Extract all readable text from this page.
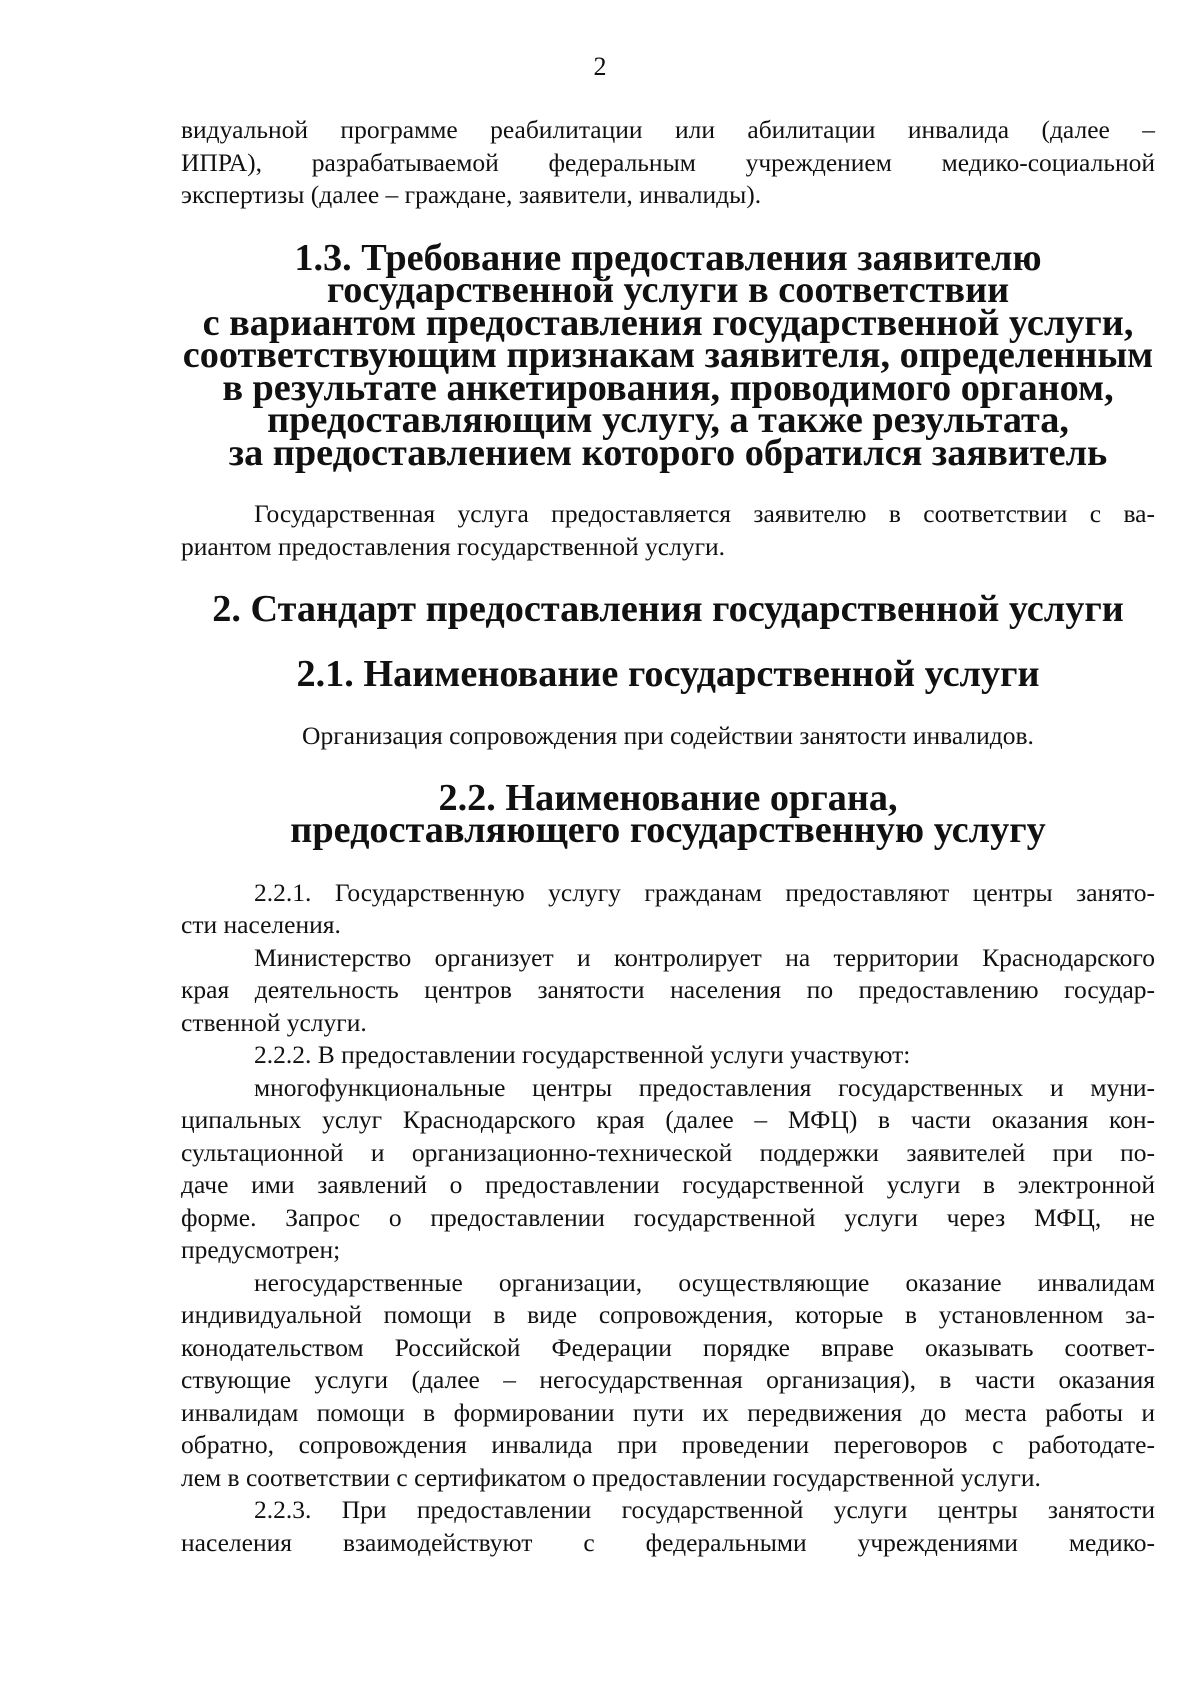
2

видуальной программе реабилитации или абилитации инвалида (далее –
ИПРА), разрабатываемой федеральным учреждением медико-социальной
экспертизы (далее – граждане, заявители, инвалиды).

1.3. Требование предоставления заявителю
государственной услуги в соответствии
с вариантом предоставления государственной услуги,
соответствующим признакам заявителя, определенным
в результате анкетирования, проводимого органом,
предоставляющим услугу, а также результата,
за предоставлением которого обратился заявитель

Государственная услуга предоставляется заявителю в соответствии с ва-
риантом предоставления государственной услуги.

2. Стандарт предоставления государственной услуги
2.1. Наименование государственной услуги

Организация сопровождения при содействии занятости инвалидов.

2.2. Наименование органа,
предоставляющего государственную услугу

2.2.1. Государственную услугу гражданам предоставляют центры занято-
сти населения.

Министерство организует и контролирует на территории Краснодарского
края деятельность центров занятости населения по предоставлению государ-
ственной услуги.

2.2.2. В предоставлении государственной услуги участвуют:

многофункциональные центры предоставления государственных и муни-
ципальных услуг Краснодарского края (далее – МФЦ) в части оказания кон-
сультационной и организационно-технической поддержки заявителей при по-
даче ими заявлений о предоставлении государственной услуги в электронной
форме. Запрос о предоставлении государственной услуги через МФЦ, не
предусмотрен;

негосударственные организации, осуществляющие оказание инвалидам
индивидуальной помощи в виде сопровождения, которые в установленном за-
конодательством Российской Федерации порядке вправе оказывать соответ-
ствующие услуги (далее – негосударственная организация), в части оказания
инвалидам помощи в формировании пути их передвижения до места работы и
обратно, сопровождения инвалида при проведении переговоров с работодате-
лем в соответствии с сертификатом о предоставлении государственной услуги.

2.2.3. При предоставлении государственной услуги центры занятости
населения взаимодействуют с федеральными учреждениями медико-
